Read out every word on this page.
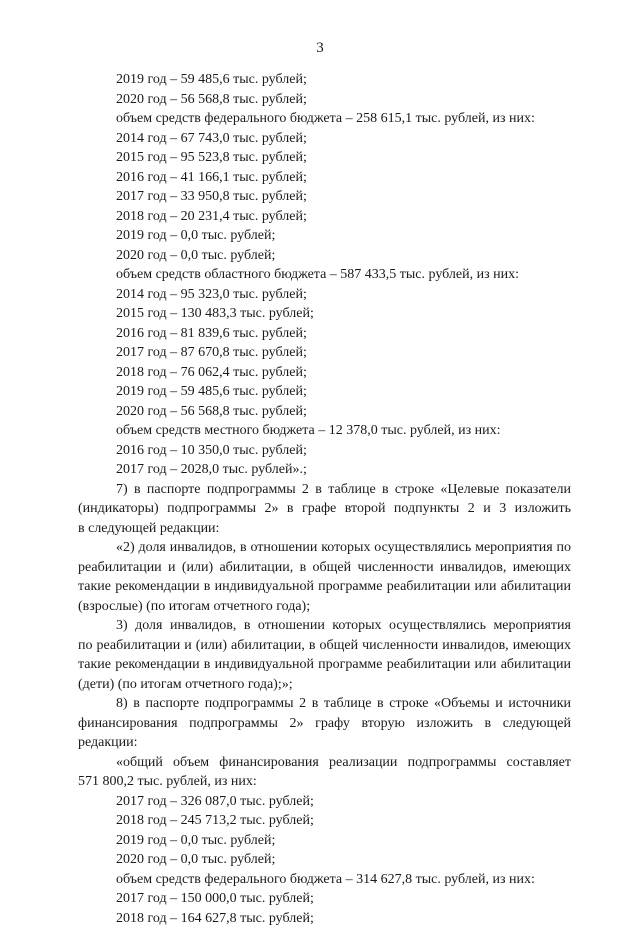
3
2019 год – 59 485,6 тыс. рублей;
2020 год – 56 568,8 тыс. рублей;
объем средств федерального бюджета – 258 615,1 тыс. рублей, из них:
2014 год – 67 743,0 тыс. рублей;
2015 год – 95 523,8 тыс. рублей;
2016 год – 41 166,1 тыс. рублей;
2017 год – 33 950,8 тыс. рублей;
2018 год – 20 231,4 тыс. рублей;
2019 год – 0,0 тыс. рублей;
2020 год – 0,0 тыс. рублей;
объем средств областного бюджета – 587 433,5 тыс. рублей, из них:
2014 год – 95 323,0 тыс. рублей;
2015 год – 130 483,3 тыс. рублей;
2016 год – 81 839,6 тыс. рублей;
2017 год – 87 670,8 тыс. рублей;
2018 год – 76 062,4 тыс. рублей;
2019 год – 59 485,6 тыс. рублей;
2020 год – 56 568,8 тыс. рублей;
объем средств местного бюджета – 12 378,0 тыс. рублей, из них:
2016 год – 10 350,0 тыс. рублей;
2017 год – 2028,0 тыс. рублей».;
7) в паспорте подпрограммы 2 в таблице в строке «Целевые показатели
(индикаторы) подпрограммы 2» в графе второй подпункты 2 и 3 изложить
в следующей редакции:
«2) доля инвалидов, в отношении которых осуществлялись мероприятия по
реабилитации и (или) абилитации, в общей численности инвалидов, имеющих
такие рекомендации в индивидуальной программе реабилитации или абилитации
(взрослые) (по итогам отчетного года);
3) доля инвалидов, в отношении которых осуществлялись мероприятия
по реабилитации и (или) абилитации, в общей численности инвалидов, имеющих
такие рекомендации в индивидуальной программе реабилитации или абилитации
(дети) (по итогам отчетного года);»;
8) в паспорте подпрограммы 2 в таблице в строке «Объемы и источники
финансирования подпрограммы 2» графу вторую изложить в следующей
редакции:
«общий объем финансирования реализации подпрограммы составляет
571 800,2 тыс. рублей, из них:
2017 год – 326 087,0 тыс. рублей;
2018 год – 245 713,2 тыс. рублей;
2019 год – 0,0 тыс. рублей;
2020 год – 0,0 тыс. рублей;
объем средств федерального бюджета – 314 627,8 тыс. рублей, из них:
2017 год – 150 000,0 тыс. рублей;
2018 год – 164 627,8 тыс. рублей;
